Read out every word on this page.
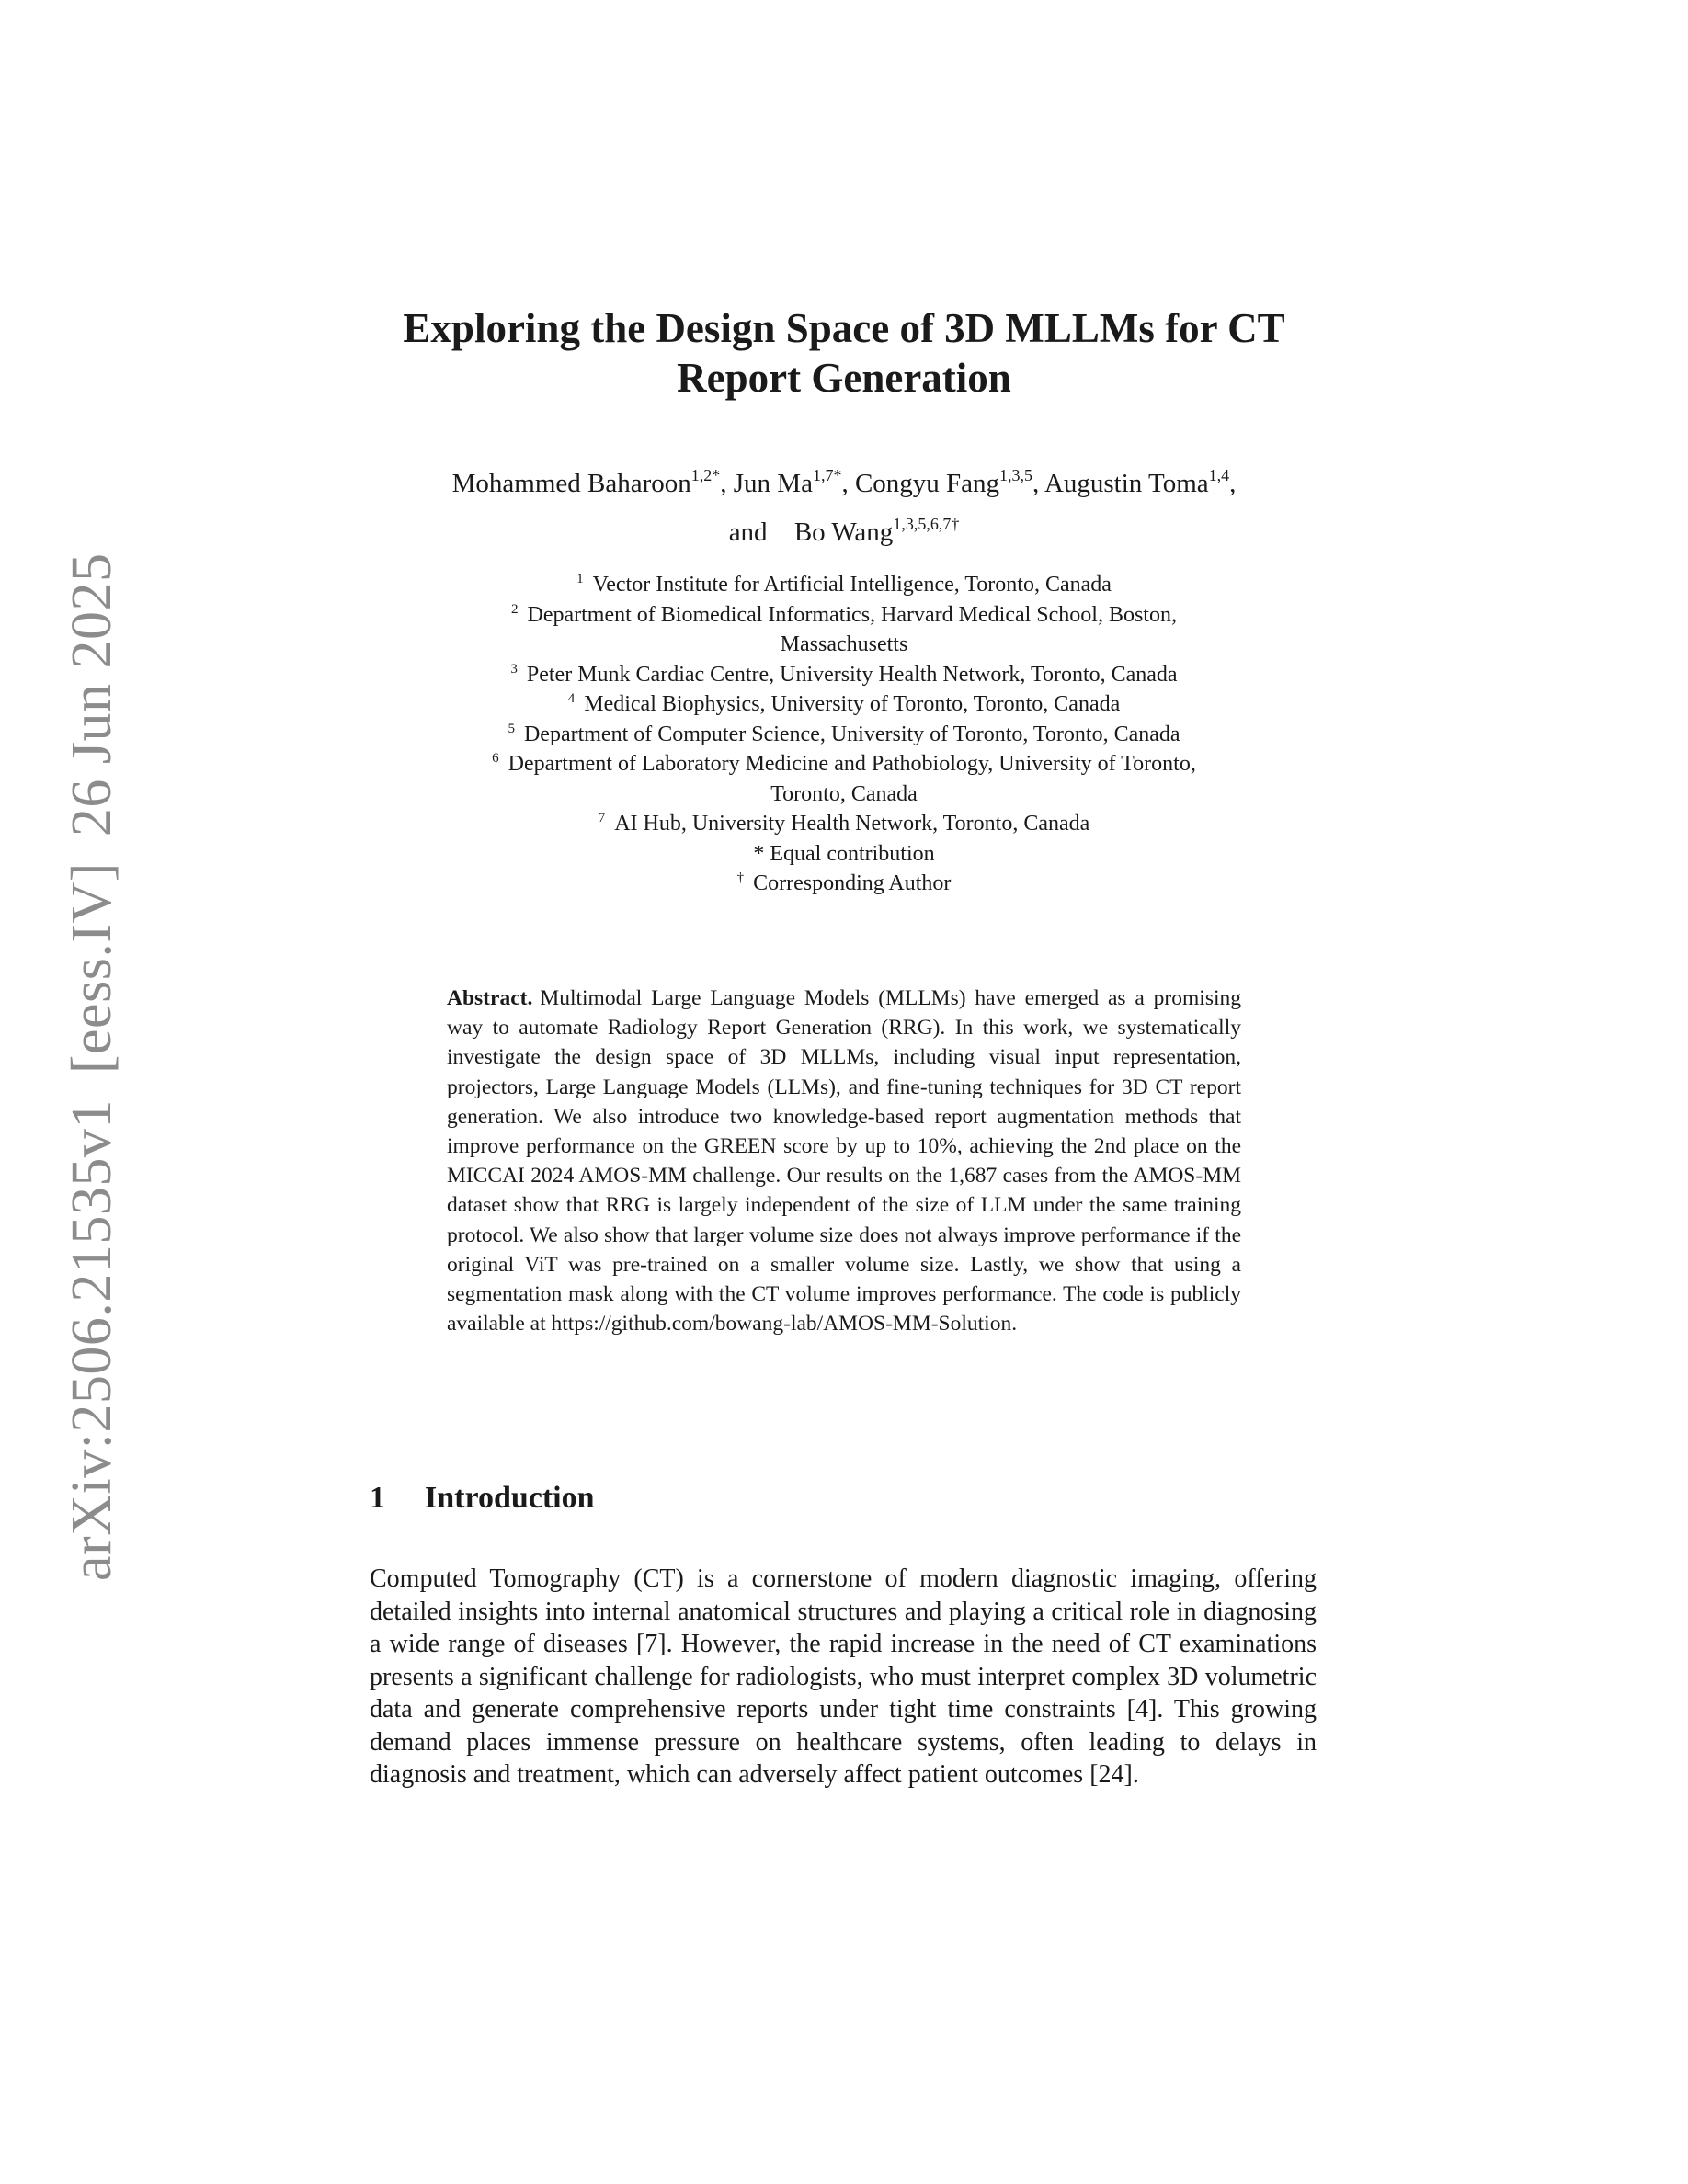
arXiv:2506.21535v1
[eess.IV]
26 Jun 2025
Exploring the Design Space of 3D MLLMs for CT
Report Generation
Mohammed Baharoon$^{1,2*}$, Jun $Ma^{1,7*}$, Congyu Fang$^{1,3,5}$, Augustin Toma$^{1,4}$,
and Bo Wang$^{1,3,5,6,7\dagger}$
$^1$ Vector Institute for Artificial Intelligence, Toronto, Canada
$^2$ Department of Biomedical Informatics, Harvard Medical School, Boston,
Massachusetts
$^3$ Peter Munk Cardiac Centre, University Health Network, Toronto, Canada
$^4$ Medical Biophysics, University of Toronto, Toronto, Canada
$^5$ Department of Computer Science, University of Toronto, Toronto, Canada
$^6$ Department of Laboratory Medicine and Pathobiology, University of Toronto,
Toronto, Canada
$^7$ AI Hub, University Health Network, Toronto, Canada
* Equal contribution
† Corresponding Author
Abstract. Multimodal Large Language Models (MLLMs) have emerged as a promising way to automate Radiology Report Generation (RRG). In this work, we systematically investigate the design space of 3D MLLMs, including visual input representation, projectors, Large Language Models (LLMs), and fine-tuning techniques for 3D CT report generation. We also introduce two knowledge-based report augmentation methods that improve performance on the GREEN score by up to 10%, achieving the 2nd place on the MICCAI 2024 AMOS-MM challenge. Our results on the 1,687 cases from the AMOS-MM dataset show that RRG is largely independent of the size of LLM under the same training protocol. We also show that larger volume size does not always improve performance if the original ViT was pre-trained on a smaller volume size. Lastly, we show that using a segmentation mask along with the CT volume improves performance. The code is publicly available at https://github.com/bowang-lab/AMOS-MM-Solution.
1 Introduction
Computed Tomography (CT) is a cornerstone of modern diagnostic imaging, offering detailed insights into internal anatomical structures and playing a critical role in diagnosing a wide range of diseases [7]. However, the rapid increase in the need of CT examinations presents a significant challenge for radiologists, who must interpret complex 3D volumetric data and generate comprehensive reports under tight time constraints [4]. This growing demand places immense pressure on healthcare systems, often leading to delays in diagnosis and treatment, which can adversely affect patient outcomes [24].
